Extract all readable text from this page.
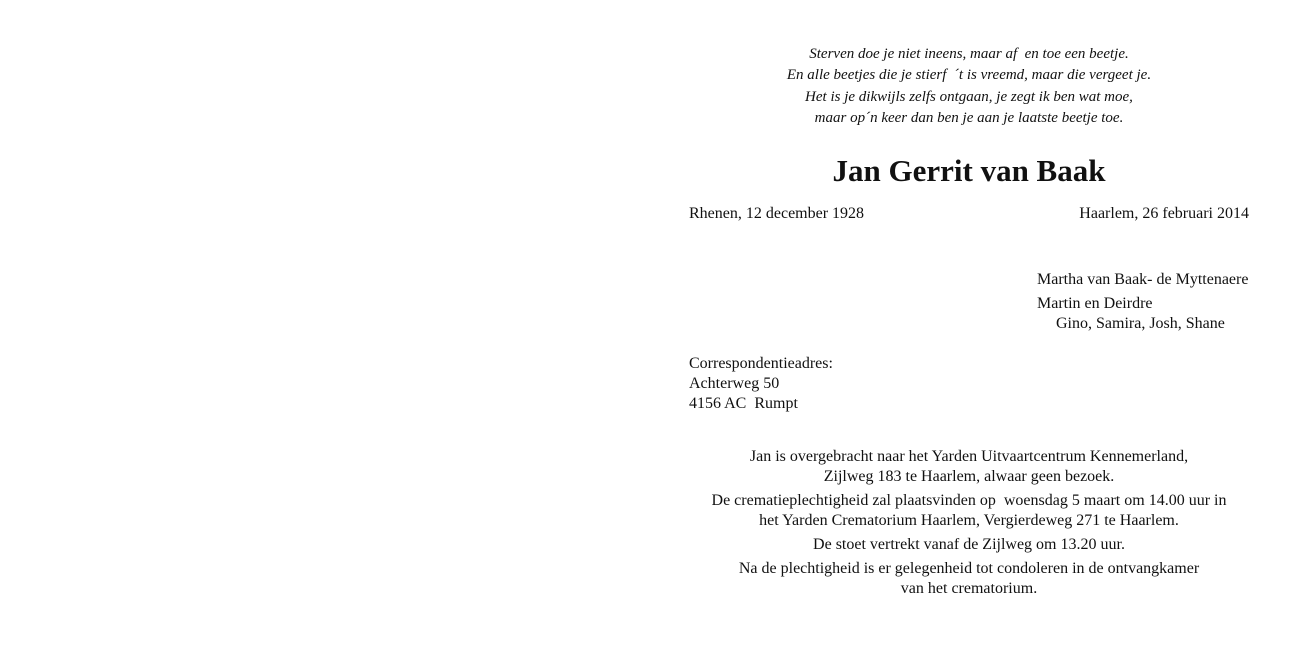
Sterven doe je niet ineens, maar af  en toe een beetje.
En alle beetjes die je stierf  ´t is vreemd, maar die vergeet je.
Het is je dikwijls zelfs ontgaan, je zegt ik ben wat moe,
maar op´n keer dan ben je aan je laatste beetje toe.
Jan Gerrit van Baak
Rhenen, 12 december 1928	Haarlem, 26 februari 2014
Martha van Baak- de Myttenaere
Martin en Deirdre
Gino, Samira, Josh, Shane
Correspondentieadres:
Achterweg 50
4156 AC  Rumpt
Jan is overgebracht naar het Yarden Uitvaartcentrum Kennemerland,
Zijlweg 183 te Haarlem, alwaar geen bezoek.
De crematieplechtigheid zal plaatsvinden op  woensdag 5 maart om 14.00 uur in
het Yarden Crematorium Haarlem, Vergierdeweg 271 te Haarlem.
De stoet vertrekt vanaf de Zijlweg om 13.20 uur.
Na de plechtigheid is er gelegenheid tot condoleren in de ontvangkamer
van het crematorium.
